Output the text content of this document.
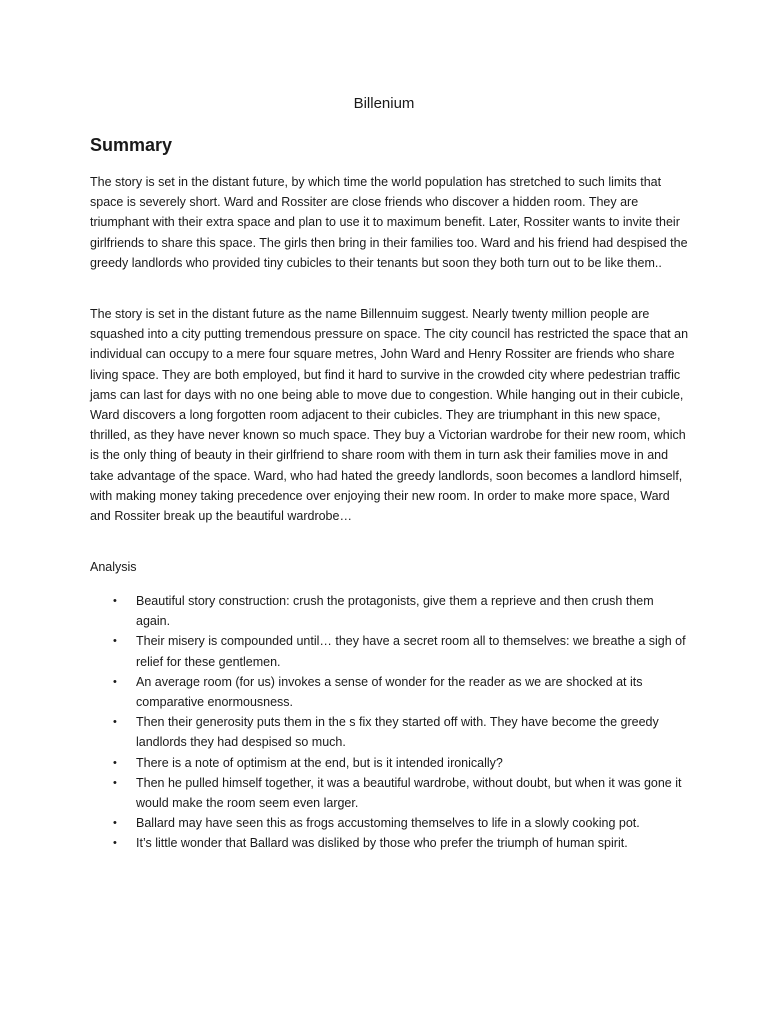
Billenium
Summary

The story is set in the distant future, by which time the world population has stretched to such limits that space is severely short. Ward and Rossiter are close friends who discover a hidden room. They are triumphant with their extra space and plan to use it to maximum benefit. Later, Rossiter wants to invite their girlfriends to share this space. The girls then bring in their families too. Ward and his friend had despised the greedy landlords who provided tiny cubicles to their tenants but soon they both turn out to be like them..

The story is set in the distant future as the name Billennuim suggest. Nearly twenty million people are squashed into a city putting tremendous pressure on space. The city council has restricted the space that an individual can occupy to a mere four square metres, John Ward and Henry Rossiter are friends who share living space. They are both employed, but find it hard to survive in the crowded city where pedestrian traffic jams can last for days with no one being able to move due to congestion. While hanging out in their cubicle, Ward discovers a long forgotten room adjacent to their cubicles. They are triumphant in this new space, thrilled, as they have never known so much space. They buy a Victorian wardrobe for their new room, which is the only thing of beauty in their girlfriend to share room with them in turn ask their families move in and take advantage of the space. Ward, who had hated the greedy landlords, soon becomes a landlord himself, with making money taking precedence over enjoying their new room. In order to make more space, Ward and Rossiter break up the beautiful wardrobe…

Analysis
• Beautiful story construction: crush the protagonists, give them a reprieve and then crush them again.
• Their misery is compounded until… they have a secret room all to themselves: we breathe a sigh of relief for these gentlemen.
• An average room (for us) invokes a sense of wonder for the reader as we are shocked at its comparative enormousness.
• Then their generosity puts them in the s fix they started off with. They have become the greedy landlords they had despised so much.
• There is a note of optimism at the end, but is it intended ironically?
• Then he pulled himself together, it was a beautiful wardrobe, without doubt, but when it was gone it would make the room seem even larger.
• Ballard may have seen this as frogs accustoming themselves to life in a slowly cooking pot.
• It’s little wonder that Ballard was disliked by those who prefer the triumph of human spirit.
